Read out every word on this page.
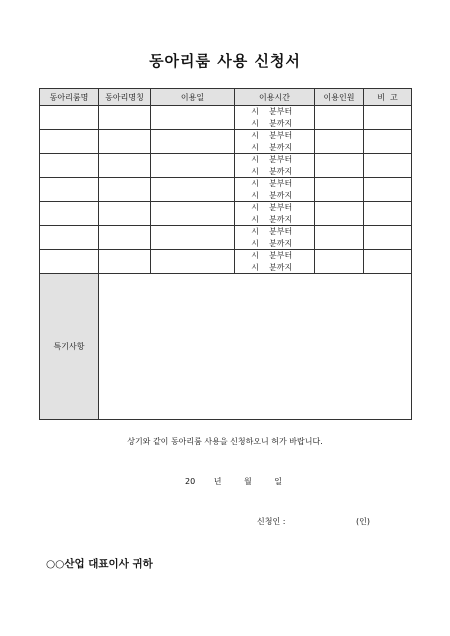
동아리룸 사용 신청서
동아리룸명	동아리명칭	이용일	이용시간	이용인원	비  고

			시 분부터
시 분까지		

			시 분부터
시 분까지		

			시 분부터
시 분까지		

			시 분부터
시 분까지		

			시 분부터
시 분까지		

			시 분부터
시 분까지		

			시 분부터
시 분까지		

특기사항					
상기와 같이 동아리룸 사용을 신청하오니 허가 바랍니다.
20 년	월	일
신청인 :	(인)
○○산업 대표이사 귀하
